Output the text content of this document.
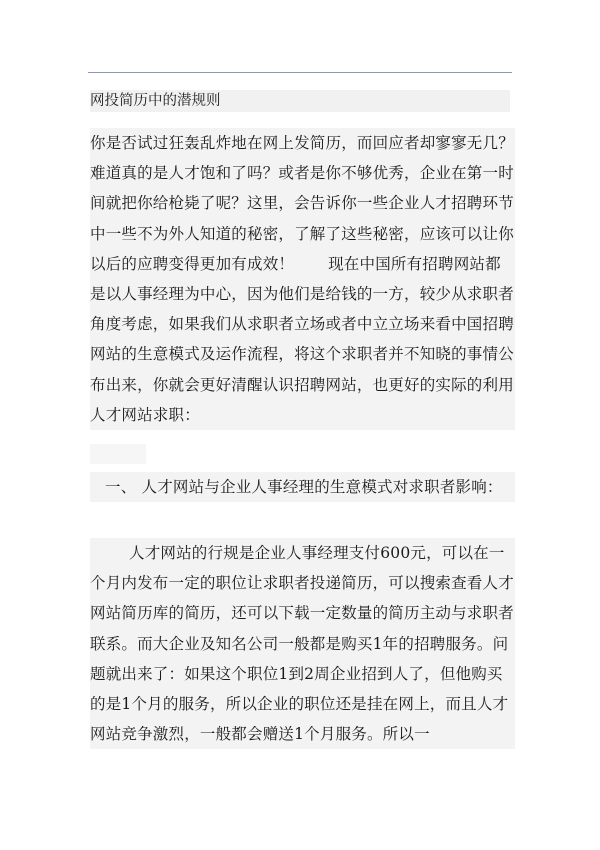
网投简历中的潜规则

你是否试过狂轰乱炸地在网上发简历，而回应者却寥寥无几？难道真的是人才饱和了吗？或者是你不够优秀，企业在第一时间就把你给枪毙了呢？这里，会告诉你一些企业人才招聘环节中一些不为外人知道的秘密，了解了这些秘密，应该可以让你以后的应聘变得更加有成效！ 现在中国所有招聘网站都是以人事经理为中心，因为他们是给钱的一方，较少从求职者角度考虑，如果我们从求职者立场或者中立立场来看中国招聘网站的生意模式及运作流程，将这个求职者并不知晓的事情公布出来，你就会更好清醒认识招聘网站，也更好的实际的利用人才网站求职：

一、 人才网站与企业人事经理的生意模式对求职者影响：

人才网站的行规是企业人事经理支付600元，可以在一个月内发布一定的职位让求职者投递简历，可以搜索查看人才网站简历库的简历，还可以下载一定数量的简历主动与求职者联系。而大企业及知名公司一般都是购买1年的招聘服务。问题就出来了：如果这个职位1到2周企业招到人了，但他购买的是1个月的服务，所以企业的职位还是挂在网上，而且人才网站竞争激烈，一般都会赠送1个月服务。所以一
